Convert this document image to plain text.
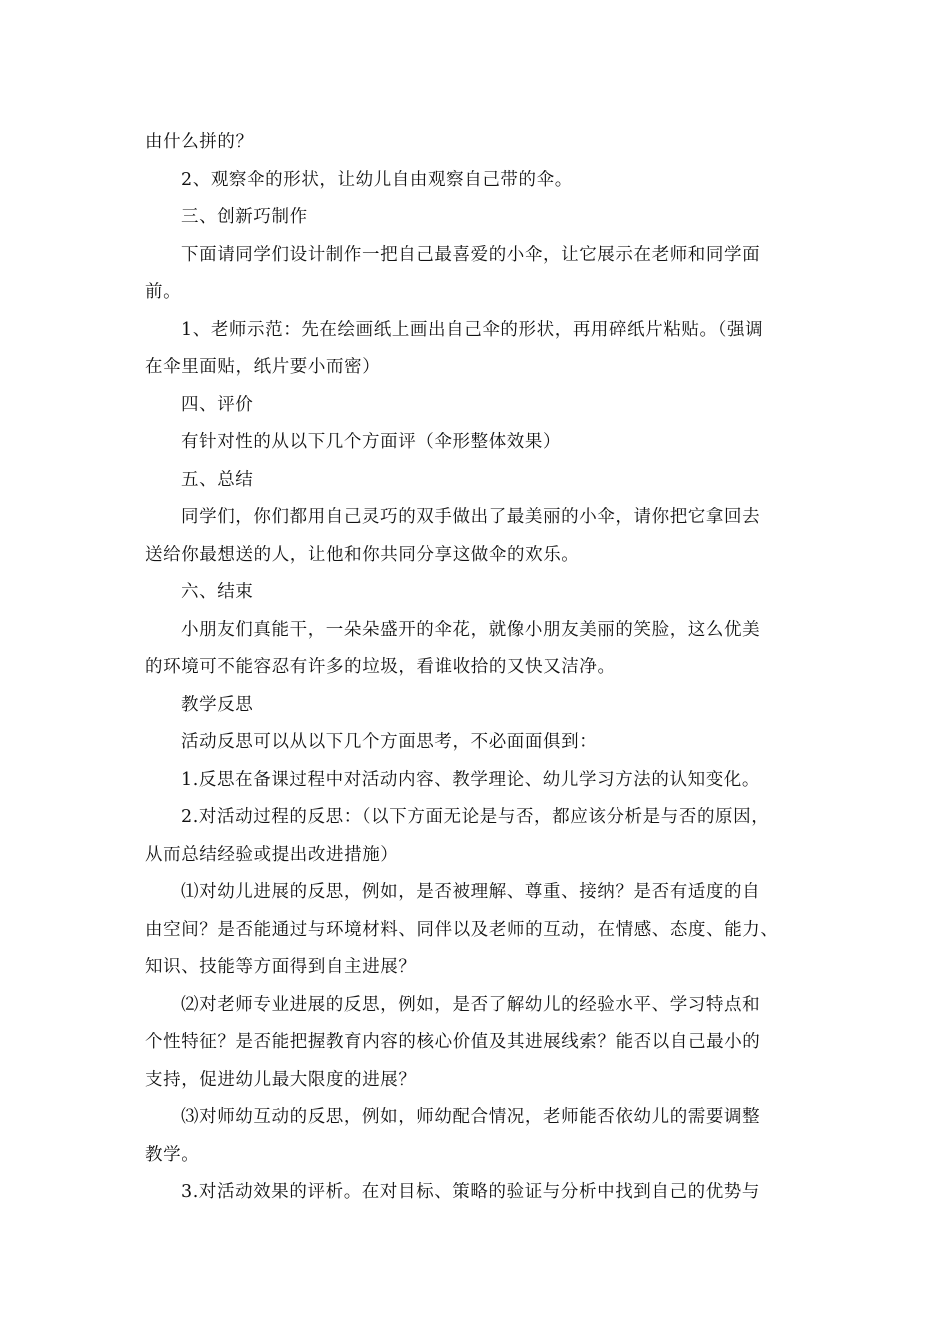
由什么拼的？
2、观察伞的形状，让幼儿自由观察自己带的伞。
三、创新巧制作
下面请同学们设计制作一把自己最喜爱的小伞，让它展示在老师和同学面
前。
1、老师示范：先在绘画纸上画出自己伞的形状，再用碎纸片粘贴。（强调
在伞里面贴，纸片要小而密）
四、评价
有针对性的从以下几个方面评（伞形整体效果）
五、总结
同学们，你们都用自己灵巧的双手做出了最美丽的小伞，请你把它拿回去
送给你最想送的人，让他和你共同分享这做伞的欢乐。
六、结束
小朋友们真能干，一朵朵盛开的伞花，就像小朋友美丽的笑脸，这么优美
的环境可不能容忍有许多的垃圾，看谁收拾的又快又洁净。
教学反思
活动反思可以从以下几个方面思考，不必面面俱到：
1.反思在备课过程中对活动内容、教学理论、幼儿学习方法的认知变化。
2.对活动过程的反思：（以下方面无论是与否，都应该分析是与否的原因，
从而总结经验或提出改进措施）
⑴对幼儿进展的反思，例如，是否被理解、尊重、接纳？是否有适度的自
由空间？是否能通过与环境材料、同伴以及老师的互动，在情感、态度、能力、
知识、技能等方面得到自主进展？
⑵对老师专业进展的反思，例如，是否了解幼儿的经验水平、学习特点和
个性特征？是否能把握教育内容的核心价值及其进展线索？能否以自己最小的
支持，促进幼儿最大限度的进展？
⑶对师幼互动的反思，例如，师幼配合情况，老师能否依幼儿的需要调整
教学。
3.对活动效果的评析。在对目标、策略的验证与分析中找到自己的优势与
